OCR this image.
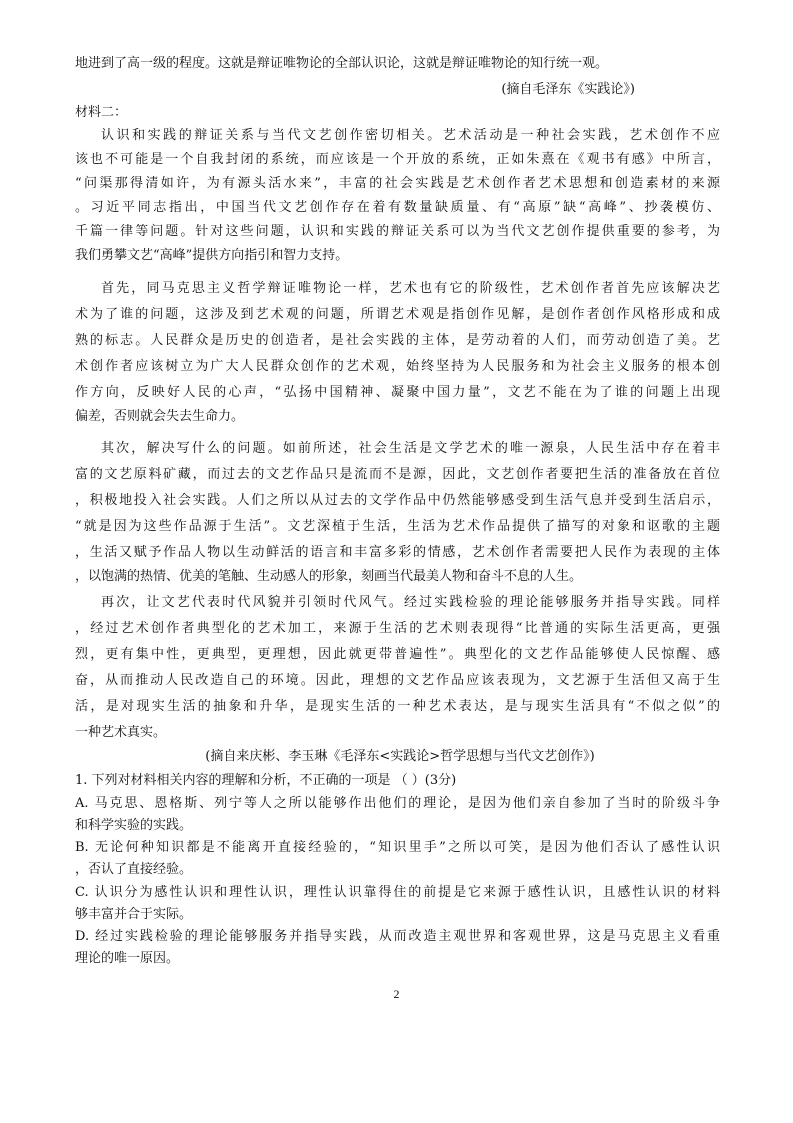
地进到了高一级的程度。这就是辩证唯物论的全部认识论，这就是辩证唯物论的知行统一观。
(摘自毛泽东《实践论》)
材料二：
认识和实践的辩证关系与当代文艺创作密切相关。艺术活动是一种社会实践，艺术创作不应
该也不可能是一个自我封闭的系统，而应该是一个开放的系统，正如朱熹在《观书有感》中所言，
“问渠那得清如许，为有源头活水来”，丰富的社会实践是艺术创作者艺术思想和创造素材的来源
。习近平同志指出，中国当代文艺创作存在着有数量缺质量、有“高原”缺“高峰”、抄袭模仿、
千篇一律等问题。针对这些问题，认识和实践的辩证关系可以为当代文艺创作提供重要的参考，为
我们勇攀文艺“高峰”提供方向指引和智力支持。
首先，同马克思主义哲学辩证唯物论一样，艺术也有它的阶级性，艺术创作者首先应该解决艺
术为了谁的问题，这涉及到艺术观的问题，所谓艺术观是指创作见解，是创作者创作风格形成和成
熟的标志。人民群众是历史的创造者，是社会实践的主体，是劳动着的人们，而劳动创造了美。艺
术创作者应该树立为广大人民群众创作的艺术观，始终坚持为人民服务和为社会主义服务的根本创
作方向，反映好人民的心声，“弘扬中国精神、凝聚中国力量”，文艺不能在为了谁的问题上出现
偏差，否则就会失去生命力。
其次，解决写什么的问题。如前所述，社会生活是文学艺术的唯一源泉，人民生活中存在着丰
富的文艺原料矿藏，而过去的文艺作品只是流而不是源，因此，文艺创作者要把生活的准备放在首位
，积极地投入社会实践。人们之所以从过去的文学作品中仍然能够感受到生活气息并受到生活启示，
“就是因为这些作品源于生活”。文艺深植于生活，生活为艺术作品提供了描写的对象和讴歌的主题
，生活又赋予作品人物以生动鲜活的语言和丰富多彩的情感，艺术创作者需要把人民作为表现的主体
，以饱满的热情、优美的笔触、生动感人的形象，刻画当代最美人物和奋斗不息的人生。
再次，让文艺代表时代风貌并引领时代风气。经过实践检验的理论能够服务并指导实践。同样
，经过艺术创作者典型化的艺术加工，来源于生活的艺术则表现得“比普通的实际生活更高，更强
烈，更有集中性，更典型，更理想，因此就更带普遍性”。典型化的文艺作品能够使人民惊醒、感
奋，从而推动人民改造自己的环境。因此，理想的文艺作品应该表现为，文艺源于生活但又高于生
活，是对现实生活的抽象和升华，是现实生活的一种艺术表达，是与现实生活具有“不似之似”的
一种艺术真实。
(摘自来庆彬、李玉琳《毛泽东<实践论>哲学思想与当代文艺创作》)
1. 下列对材料相关内容的理解和分析，不正确的一项是 （ ）(3分)
A. 马克思、恩格斯、列宁等人之所以能够作出他们的理论，是因为他们亲自参加了当时的阶级斗争
和科学实验的实践。
B. 无论何种知识都是不能离开直接经验的，“知识里手”之所以可笑，是因为他们否认了感性认识
，否认了直接经验。
C. 认识分为感性认识和理性认识，理性认识靠得住的前提是它来源于感性认识，且感性认识的材料
够丰富并合于实际。
D. 经过实践检验的理论能够服务并指导实践，从而改造主观世界和客观世界，这是马克思主义看重
理论的唯一原因。
2
